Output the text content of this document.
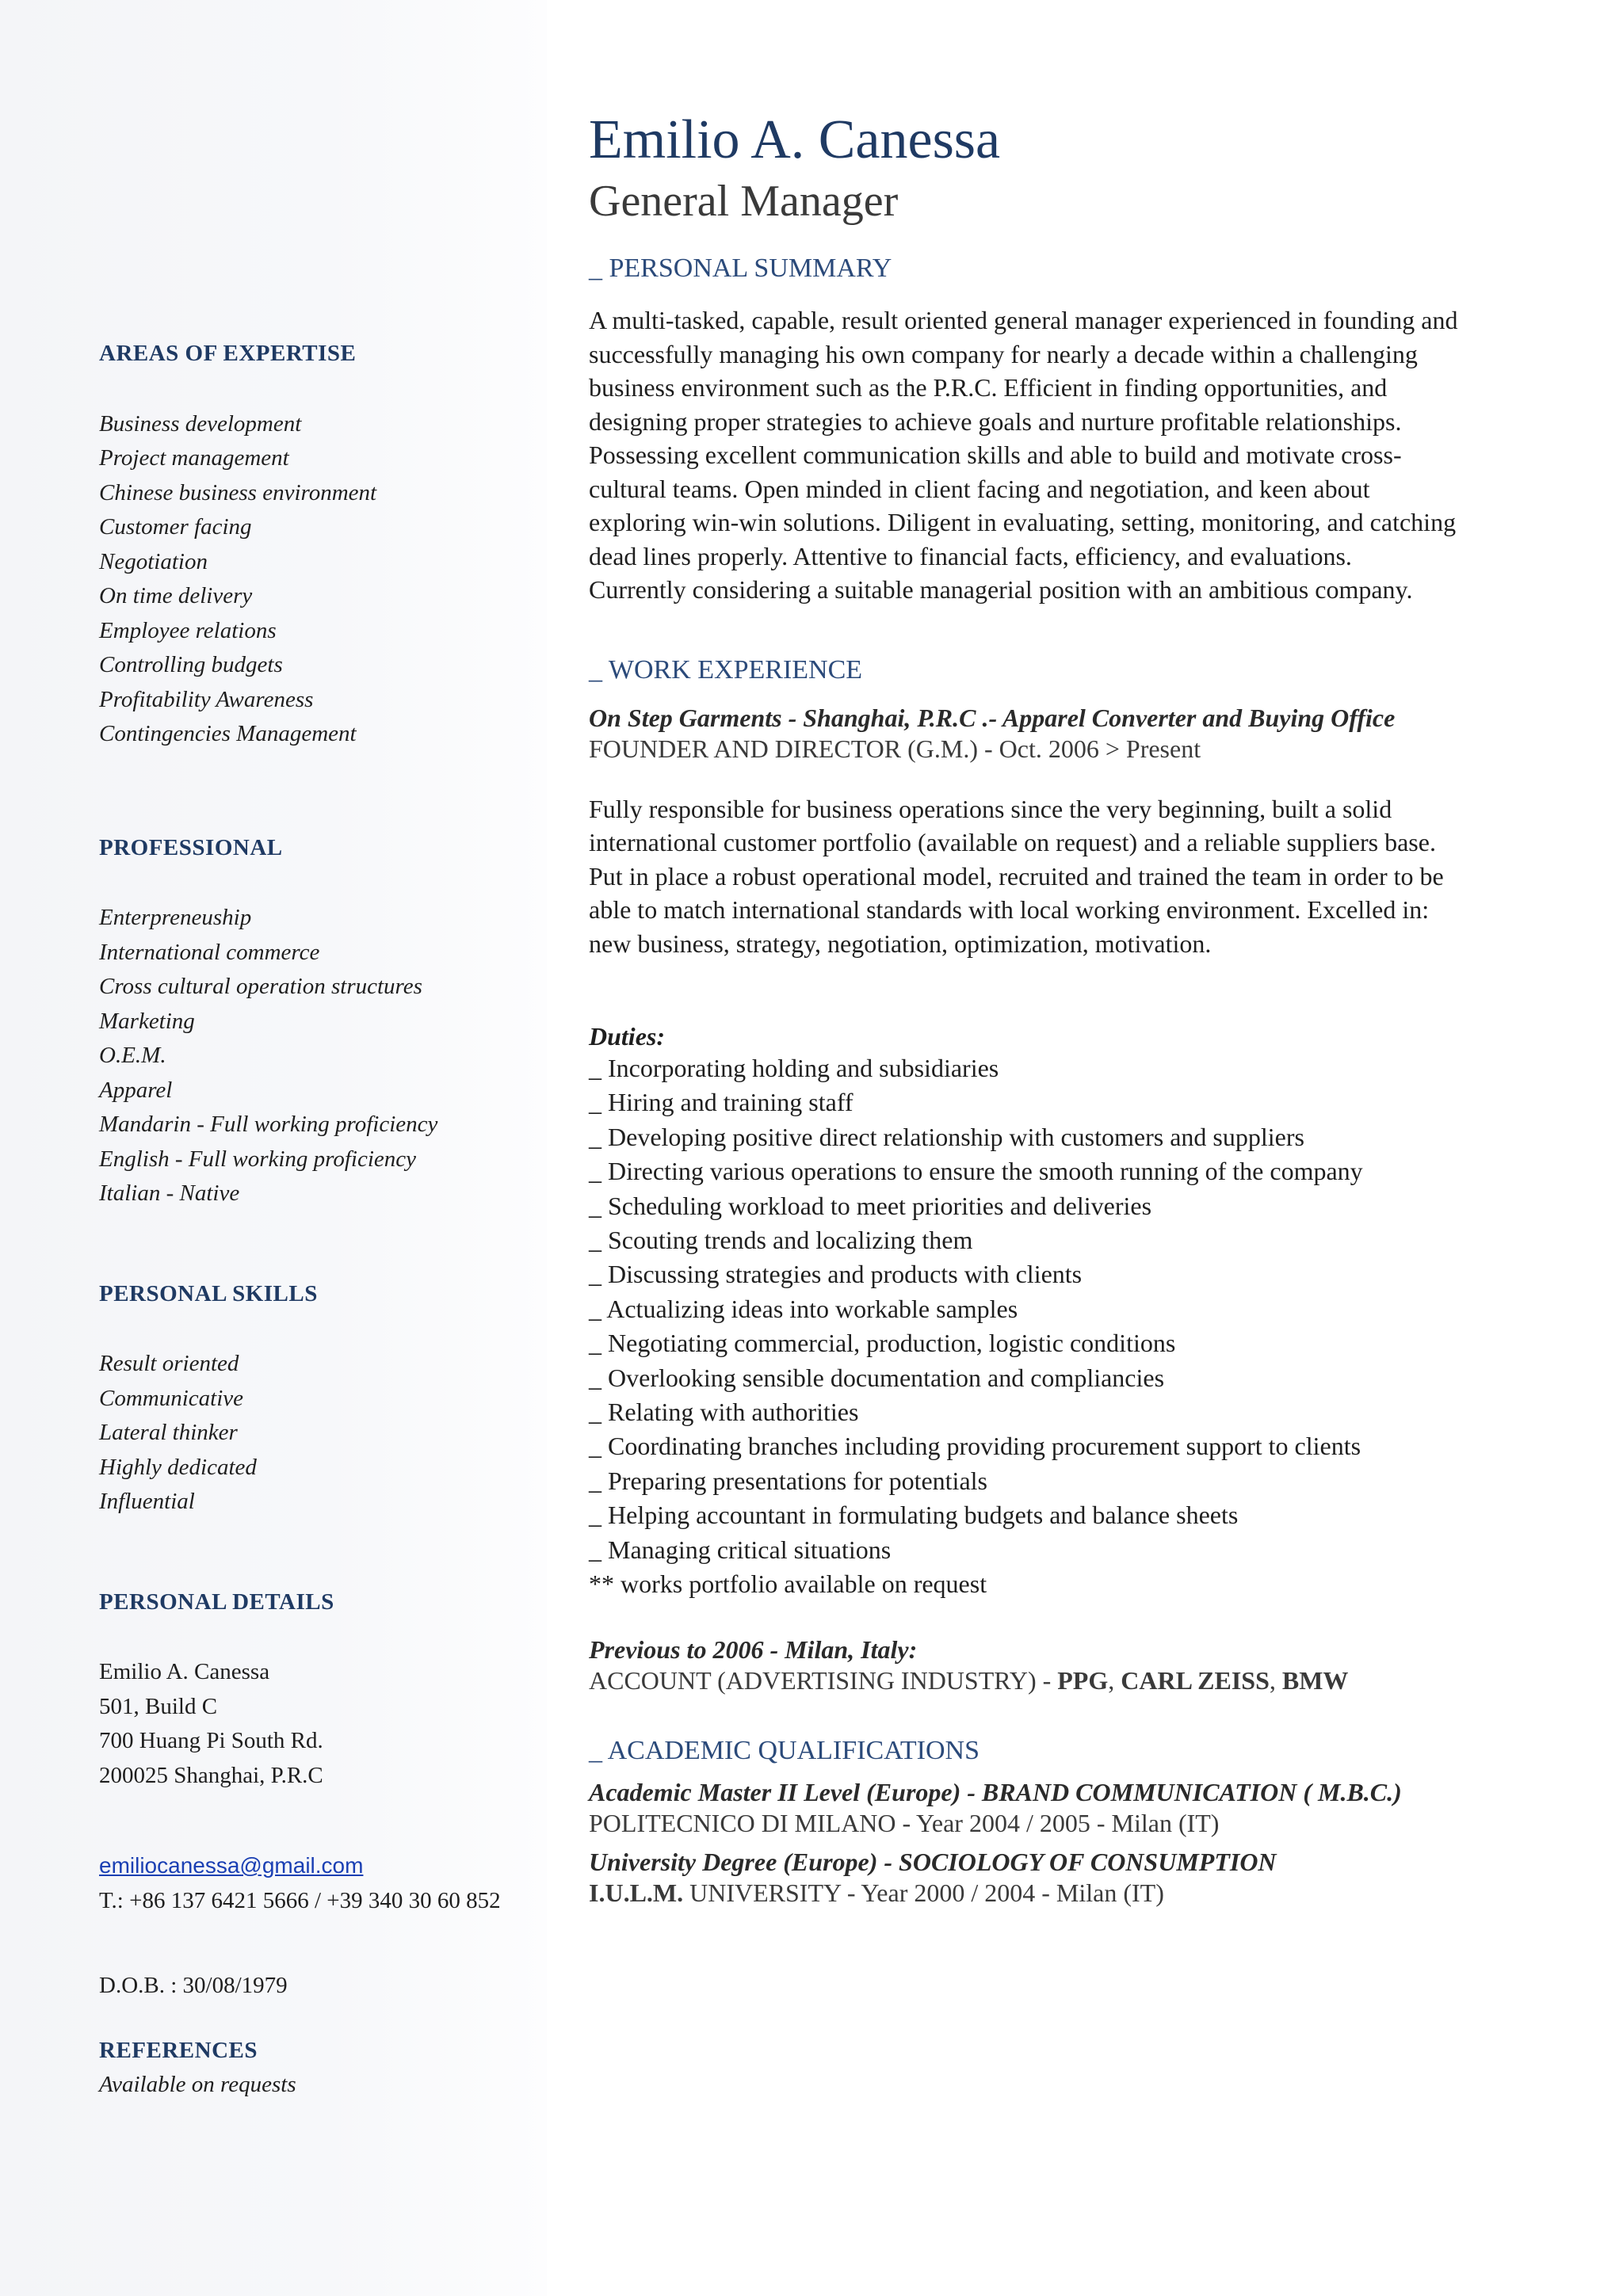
AREAS OF EXPERTISE
Business development
Project management
Chinese business environment
Customer facing
Negotiation
On time delivery
Employee relations
Controlling budgets
Profitability Awareness
Contingencies Management
PROFESSIONAL
Enterpreneuship
International commerce
Cross cultural operation structures
Marketing
O.E.M.
Apparel
Mandarin - Full working proficiency
English - Full working proficiency
Italian - Native
PERSONAL SKILLS
Result oriented
Communicative
Lateral thinker
Highly dedicated
Influential
PERSONAL DETAILS
Emilio A. Canessa
501, Build C
700 Huang Pi South Rd.
200025 Shanghai, P.R.C
emiliocanessa@gmail.com
T.: +86 137 6421 5666 / +39 340 30 60 852
D.O.B. : 30/08/1979
REFERENCES
Available on requests
Emilio A. Canessa
General Manager
_ PERSONAL SUMMARY
A multi-tasked, capable, result oriented general manager experienced in founding and successfully managing his own company for nearly a decade within a challenging business environment such as the P.R.C. Efficient in finding opportunities, and designing proper strategies to achieve goals and nurture profitable relationships. Possessing excellent communication skills and able to build and motivate cross-cultural teams. Open minded in client facing and negotiation, and keen about exploring win-win solutions. Diligent in evaluating, setting, monitoring, and catching dead lines properly. Attentive to financial facts, efficiency, and evaluations.
Currently considering a suitable managerial position with an ambitious company.
_ WORK EXPERIENCE
On Step Garments - Shanghai, P.R.C .- Apparel Converter and Buying Office
FOUNDER AND DIRECTOR (G.M.) - Oct. 2006 > Present
Fully responsible for business operations since the very beginning, built a solid international customer portfolio (available on request) and a reliable suppliers base. Put in place a robust operational model, recruited and trained the team in order to be able to match international standards with local working environment. Excelled in: new business, strategy, negotiation, optimization, motivation.
Duties:
_ Incorporating holding and subsidiaries
_ Hiring and training staff
_ Developing positive direct relationship with customers and suppliers
_ Directing various operations to ensure the smooth running of the company
_ Scheduling workload to meet priorities and deliveries
_ Scouting trends and localizing them
_ Discussing strategies and products with clients
_ Actualizing ideas into workable samples
_ Negotiating commercial, production, logistic conditions
_ Overlooking sensible documentation and compliancies
_ Relating with authorities
_ Coordinating branches including providing procurement support to clients
_ Preparing presentations for potentials
_ Helping accountant in formulating budgets and balance sheets
_ Managing critical situations
** works portfolio available on request
Previous to 2006 - Milan, Italy:
ACCOUNT (ADVERTISING INDUSTRY) - PPG, CARL ZEISS, BMW
_ ACADEMIC QUALIFICATIONS
Academic Master II Level (Europe) - BRAND COMMUNICATION ( M.B.C.)
POLITECNICO DI MILANO - Year 2004 / 2005 - Milan (IT)
University Degree (Europe) - SOCIOLOGY OF CONSUMPTION
I.U.L.M. UNIVERSITY - Year 2000 / 2004 - Milan (IT)
